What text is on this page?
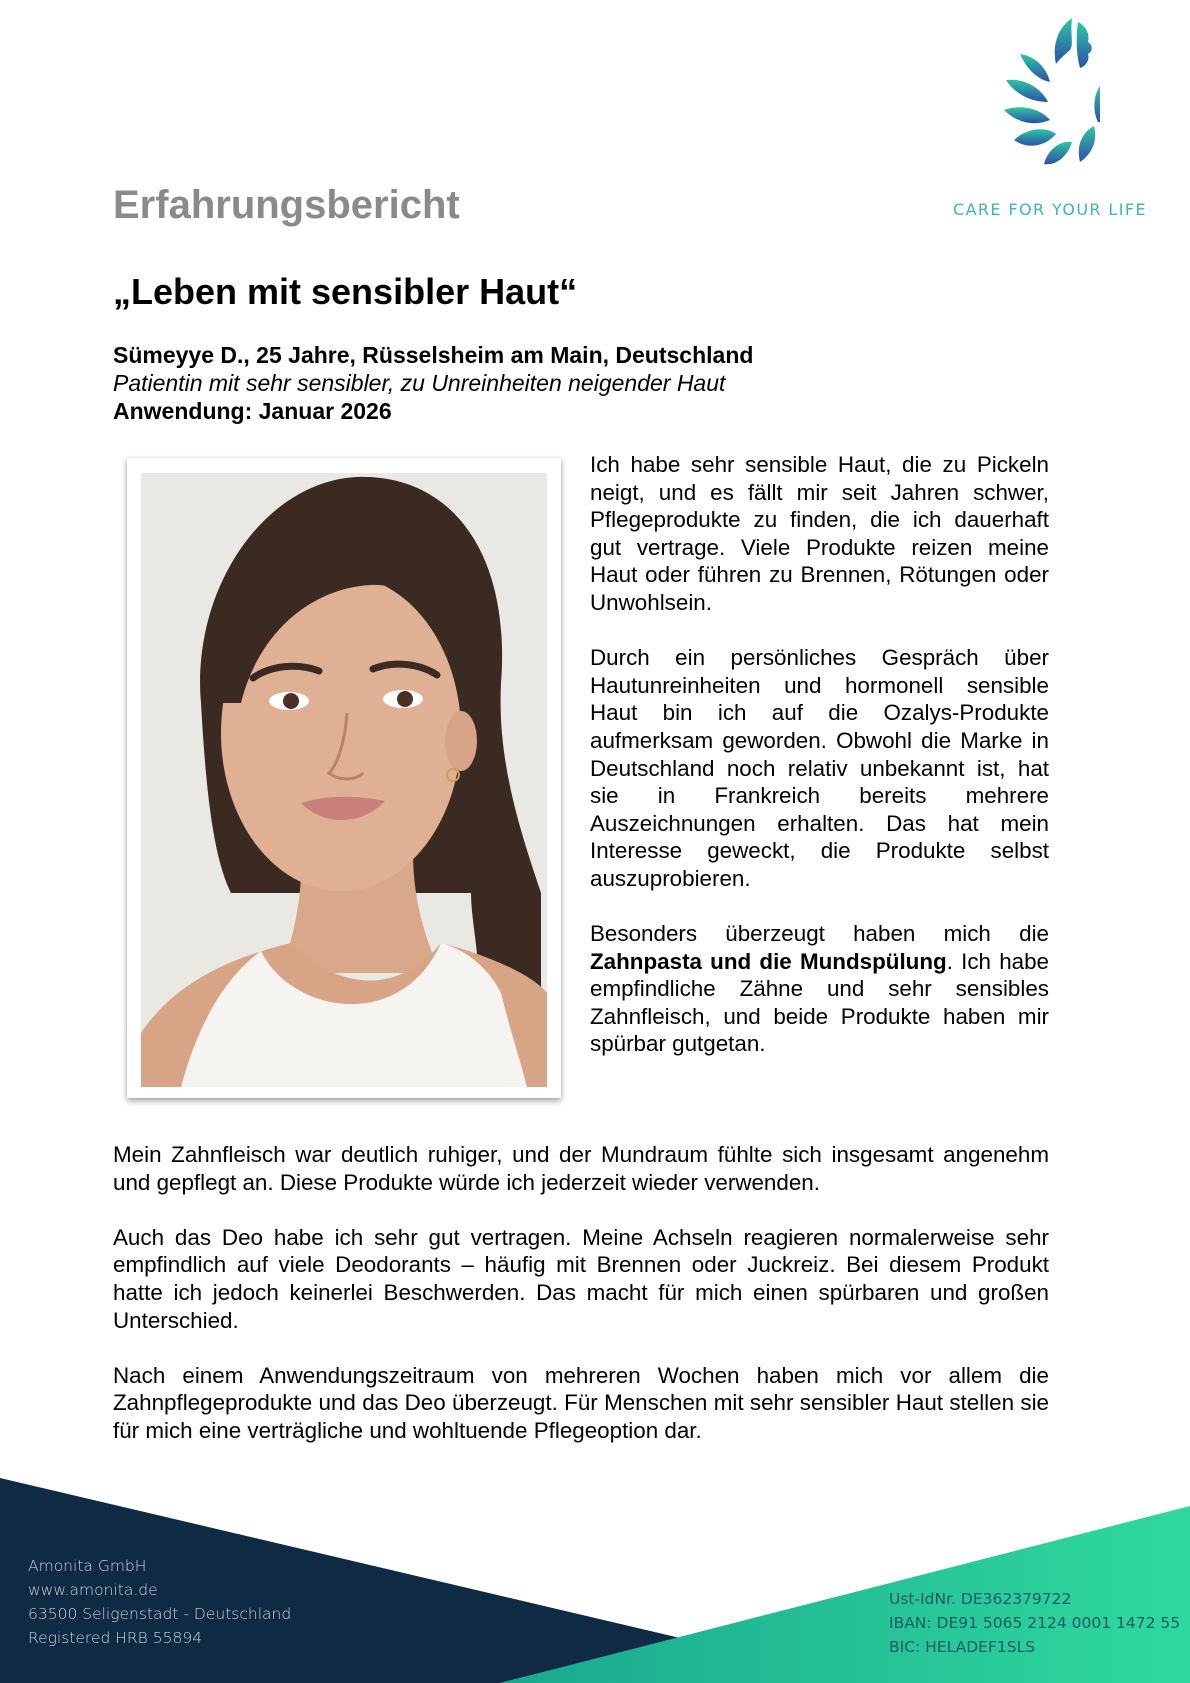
CARE FOR YOUR LIFE
Erfahrungsbericht
„Leben mit sensibler Haut“
Sümeyye D., 25 Jahre, Rüsselsheim am Main, Deutschland
Patientin mit sehr sensibler, zu Unreinheiten neigender Haut
Anwendung: Januar 2026

Ich habe sehr sensible Haut, die zu Pickeln neigt, und es fällt mir seit Jahren schwer, Pflegeprodukte zu finden, die ich dauerhaft gut vertrage. Viele Produkte reizen meine Haut oder führen zu Brennen, Rötungen oder Unwohlsein.

Durch ein persönliches Gespräch über Hautunreinheiten und hormonell sensible Haut bin ich auf die Ozalys-Produkte aufmerksam geworden. Obwohl die Marke in Deutschland noch relativ unbekannt ist, hat sie in Frankreich bereits mehrere Auszeichnungen erhalten. Das hat mein Interesse geweckt, die Produkte selbst auszuprobieren.

Besonders überzeugt haben mich die Zahnpasta und die Mundspülung. Ich habe empfindliche Zähne und sehr sensibles Zahnfleisch, und beide Produkte haben mir spürbar gutgetan.

Mein Zahnfleisch war deutlich ruhiger, und der Mundraum fühlte sich insgesamt angenehm und gepflegt an. Diese Produkte würde ich jederzeit wieder verwenden.

Auch das Deo habe ich sehr gut vertragen. Meine Achseln reagieren normalerweise sehr empfindlich auf viele Deodorants – häufig mit Brennen oder Juckreiz. Bei diesem Produkt hatte ich jedoch keinerlei Beschwerden. Das macht für mich einen spürbaren und großen Unterschied.

Nach einem Anwendungszeitraum von mehreren Wochen haben mich vor allem die Zahnpflegeprodukte und das Deo überzeugt. Für Menschen mit sehr sensibler Haut stellen sie für mich eine verträgliche und wohltuende Pflegeoption dar.

Amonita GmbH
www.amonita.de
63500 Seligenstadt - Deutschland
Registered HRB 55894
Ust-IdNr. DE362379722
IBAN: DE91 5065 2124 0001 1472 55
BIC: HELADEF1SLS
